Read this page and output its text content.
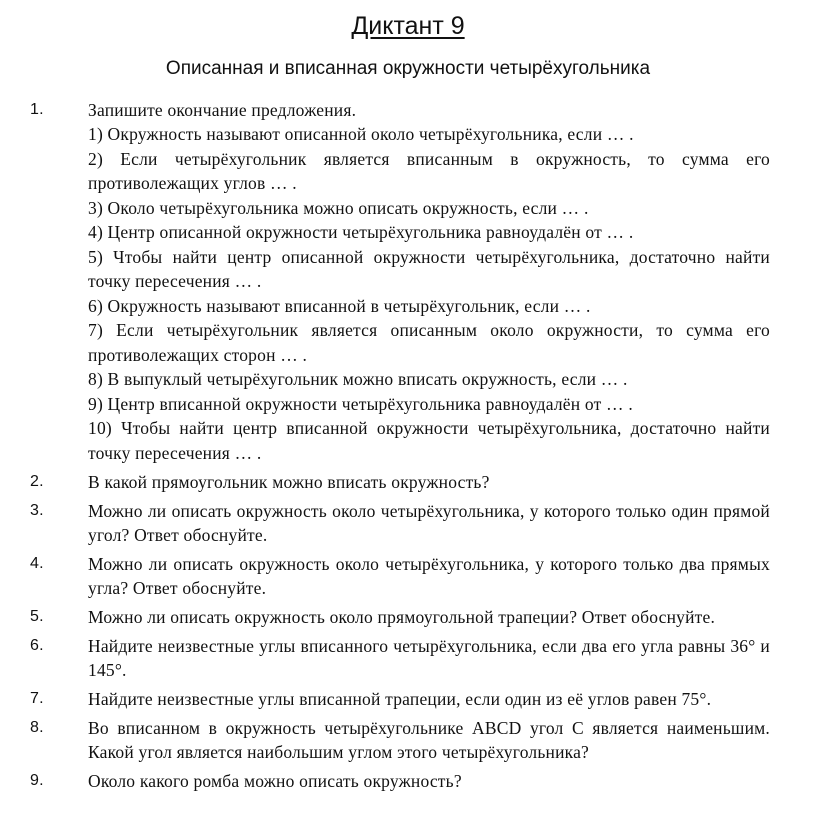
Диктант 9
Описанная и вписанная окружности четырёхугольника
1.	Запишите окончание предложения.
1) Окружность называют описанной около четырёхугольника, если … .
2) Если четырёхугольник является вписанным в окружность, то сумма его противолежащих углов … .
3) Около четырёхугольника можно описать окружность, если … .
4) Центр описанной окружности четырёхугольника равноудалён от … .
5) Чтобы найти центр описанной окружности четырёхугольника, достаточно найти точку пересечения … .
6) Окружность называют вписанной в четырёхугольник, если … .
7) Если четырёхугольник является описанным около окружности, то сумма его противолежащих сторон … .
8) В выпуклый четырёхугольник можно вписать окружность, если … .
9) Центр вписанной окружности четырёхугольника равноудалён от … .
10) Чтобы найти центр вписанной окружности четырёхугольника, достаточно найти точку пересечения … .
2.	В какой прямоугольник можно вписать окружность?
3.	Можно ли описать окружность около четырёхугольника, у которого только один прямой угол? Ответ обоснуйте.
4.	Можно ли описать окружность около четырёхугольника, у которого только два прямых угла? Ответ обоснуйте.
5.	Можно ли описать окружность около прямоугольной трапеции? Ответ обоснуйте.
6.	Найдите неизвестные углы вписанного четырёхугольника, если два его угла равны 36° и 145°.
7.	Найдите неизвестные углы вписанной трапеции, если один из её углов равен 75°.
8.	Во вписанном в окружность четырёхугольнике ABCD угол C является наименьшим. Какой угол является наибольшим углом этого четырёхугольника?
9.	Около какого ромба можно описать окружность?
